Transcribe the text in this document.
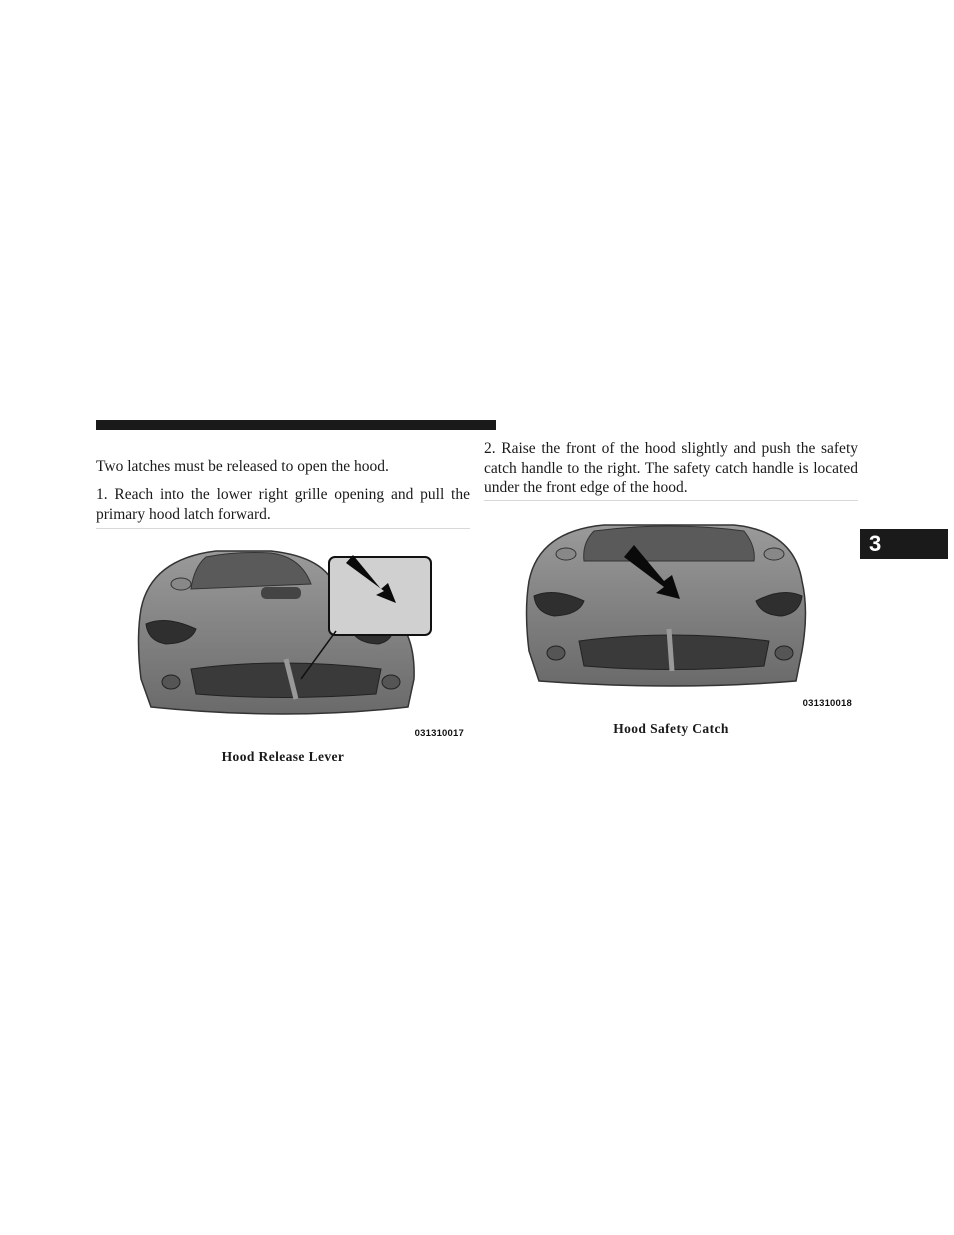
Two latches must be released to open the hood.

1. Reach into the lower right grille opening and pull the primary hood latch forward.

031310017
Hood Release Lever

2. Raise the front of the hood slightly and push the safety catch handle to the right. The safety catch handle is located under the front edge of the hood.

031310018
Hood Safety Catch
3
